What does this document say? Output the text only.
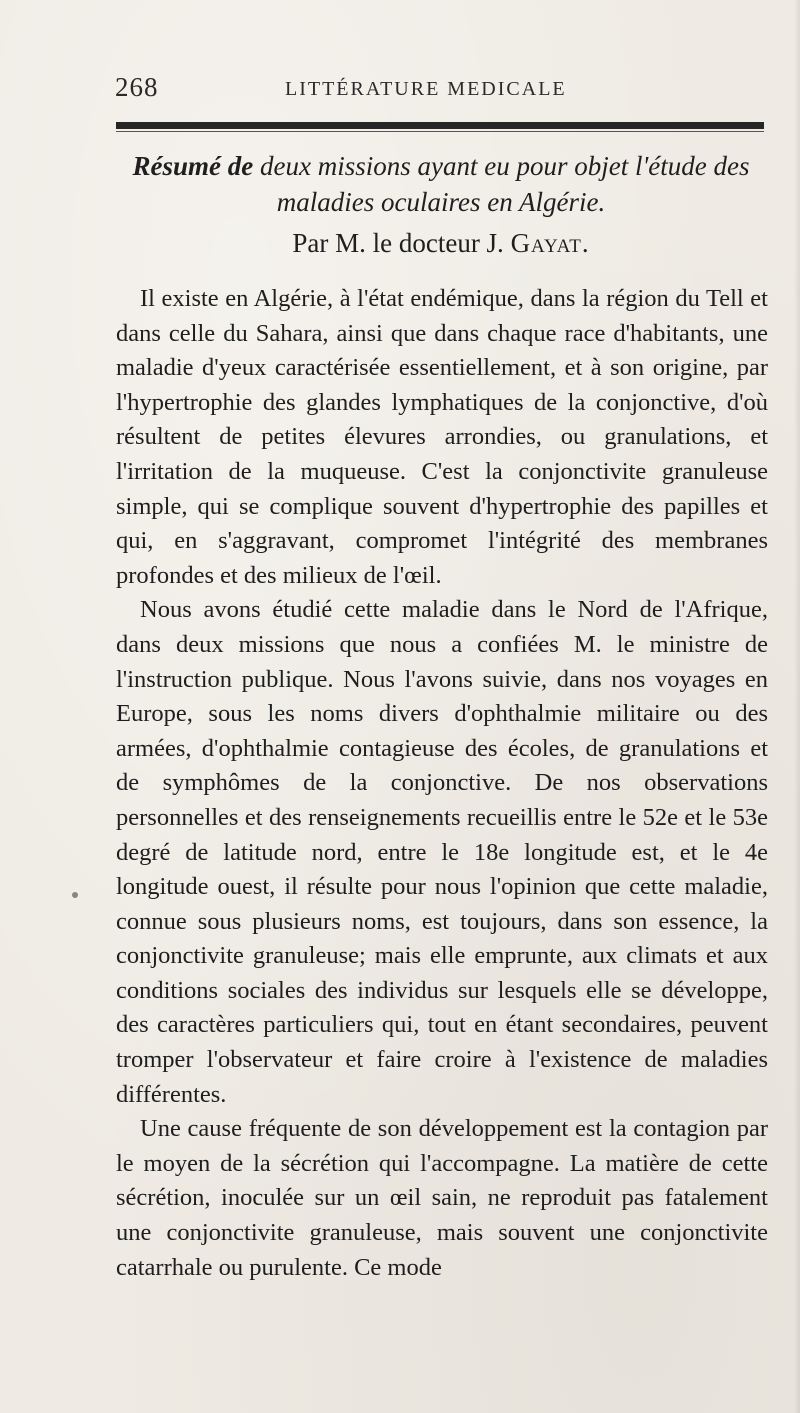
268	LITTÉRATURE MEDICALE
Résumé de deux missions ayant eu pour objet l'étude des maladies oculaires en Algérie.
Par M. le docteur J. Gayat.

Il existe en Algérie, à l'état endémique, dans la région du Tell et dans celle du Sahara, ainsi que dans chaque race d'habitants, une maladie d'yeux caractérisée essentiellement, et à son origine, par l'hypertrophie des glandes lymphatiques de la conjonctive, d'où résultent de petites élevures arrondies, ou granulations, et l'irritation de la muqueuse. C'est la conjonctivite granuleuse simple, qui se complique souvent d'hypertrophie des papilles et qui, en s'aggravant, compromet l'intégrité des membranes profondes et des milieux de l'œil.

Nous avons étudié cette maladie dans le Nord de l'Afrique, dans deux missions que nous a confiées M. le ministre de l'instruction publique. Nous l'avons suivie, dans nos voyages en Europe, sous les noms divers d'ophthalmie militaire ou des armées, d'ophthalmie contagieuse des écoles, de granulations et de symphômes de la conjonctive. De nos observations personnelles et des renseignements recueillis entre le 52e et le 53e degré de latitude nord, entre le 18e longitude est, et le 4e longitude ouest, il résulte pour nous l'opinion que cette maladie, connue sous plusieurs noms, est toujours, dans son essence, la conjonctivite granuleuse; mais elle emprunte, aux climats et aux conditions sociales des individus sur lesquels elle se développe, des caractères particuliers qui, tout en étant secondaires, peuvent tromper l'observateur et faire croire à l'existence de maladies différentes.

Une cause fréquente de son développement est la contagion par le moyen de la sécrétion qui l'accompagne. La matière de cette sécrétion, inoculée sur un œil sain, ne reproduit pas fatalement une conjonctivite granuleuse, mais souvent une conjonctivite catarrhale ou purulente. Ce mode
